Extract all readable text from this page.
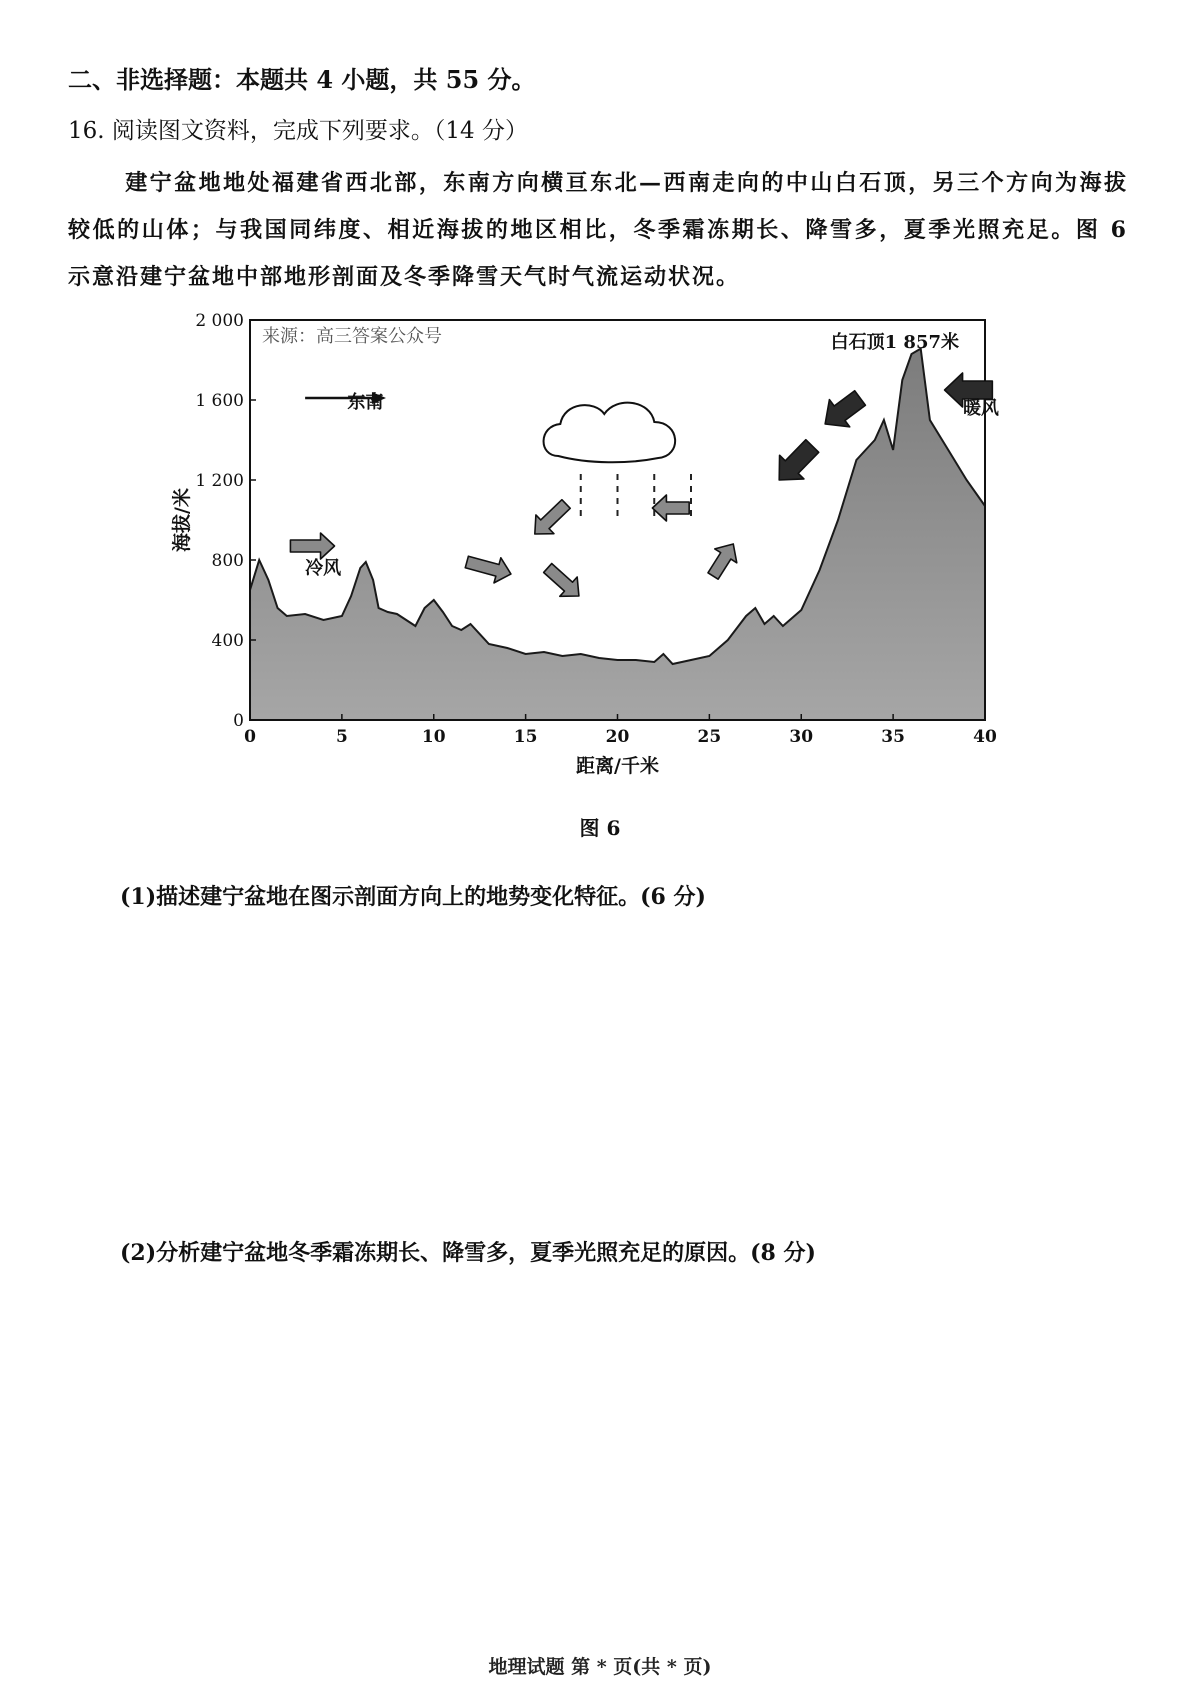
二、非选择题：本题共 4 小题，共 55 分。
16. 阅读图文资料，完成下列要求。（14 分）
建宁盆地地处福建省西北部，东南方向横亘东北—西南走向的中山白石顶，另三个方向为海拔较低的山体；与我国同纬度、相近海拔的地区相比，冬季霜冻期长、降雪多，夏季光照充足。图 6 示意沿建宁盆地中部地形剖面及冬季降雪天气时气流运动状况。
0	5	10	15	20	25	30	35	40
0
400
800
1 200
1 600
2 000
距离/千米
海拔/米
来源：高三答案公众号
东南
冷风
暖风
白石顶1 857米
图 6
(1)描述建宁盆地在图示剖面方向上的地势变化特征。(6 分)
(2)分析建宁盆地冬季霜冻期长、降雪多，夏季光照充足的原因。(8 分)
地理试题 第 * 页(共 * 页)
